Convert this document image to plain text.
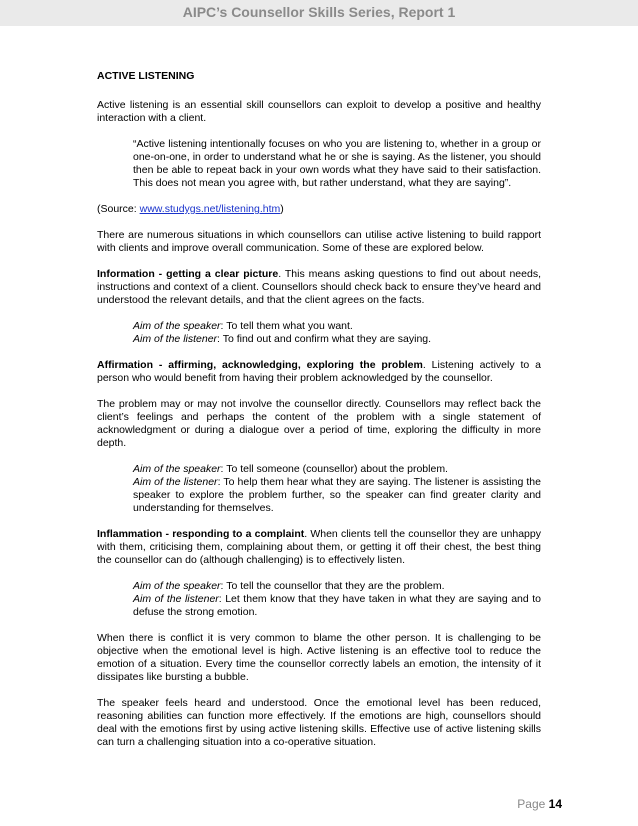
AIPC’s Counsellor Skills Series, Report 1

ACTIVE LISTENING

Active listening is an essential skill counsellors can exploit to develop a positive and healthy interaction with a client.

“Active listening intentionally focuses on who you are listening to, whether in a group or one-on-one, in order to understand what he or she is saying. As the listener, you should then be able to repeat back in your own words what they have said to their satisfaction. This does not mean you agree with, but rather understand, what they are saying”.

(Source: www.studygs.net/listening.htm)

There are numerous situations in which counsellors can utilise active listening to build rapport with clients and improve overall communication. Some of these are explored below.

Information - getting a clear picture. This means asking questions to find out about needs, instructions and context of a client. Counsellors should check back to ensure they’ve heard and understood the relevant details, and that the client agrees on the facts.

Aim of the speaker: To tell them what you want.
Aim of the listener: To find out and confirm what they are saying.

Affirmation - affirming, acknowledging, exploring the problem. Listening actively to a person who would benefit from having their problem acknowledged by the counsellor.

The problem may or may not involve the counsellor directly. Counsellors may reflect back the client’s feelings and perhaps the content of the problem with a single statement of acknowledgment or during a dialogue over a period of time, exploring the difficulty in more depth.

Aim of the speaker: To tell someone (counsellor) about the problem.
Aim of the listener: To help them hear what they are saying. The listener is assisting the speaker to explore the problem further, so the speaker can find greater clarity and understanding for themselves.

Inflammation - responding to a complaint. When clients tell the counsellor they are unhappy with them, criticising them, complaining about them, or getting it off their chest, the best thing the counsellor can do (although challenging) is to effectively listen.

Aim of the speaker: To tell the counsellor that they are the problem.
Aim of the listener: Let them know that they have taken in what they are saying and to defuse the strong emotion.

When there is conflict it is very common to blame the other person. It is challenging to be objective when the emotional level is high. Active listening is an effective tool to reduce the emotion of a situation. Every time the counsellor correctly labels an emotion, the intensity of it dissipates like bursting a bubble.

The speaker feels heard and understood. Once the emotional level has been reduced, reasoning abilities can function more effectively. If the emotions are high, counsellors should deal with the emotions first by using active listening skills. Effective use of active listening skills can turn a challenging situation into a co-operative situation.

Page 14
